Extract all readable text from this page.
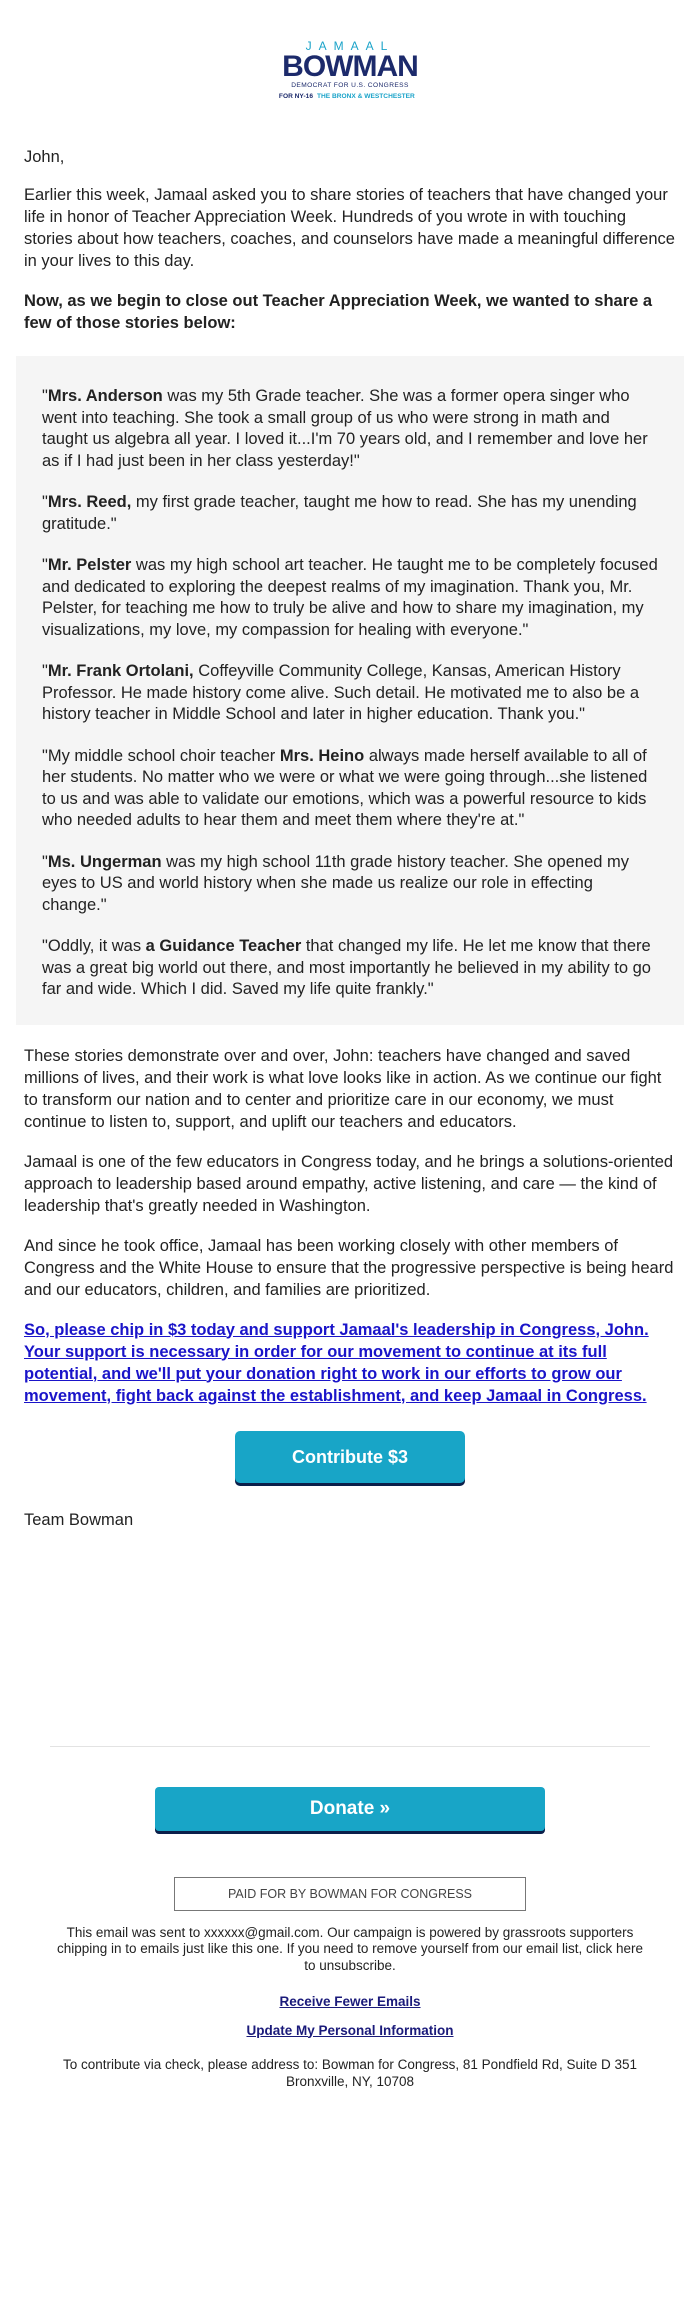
JAMAAL
BOWMAN
DEMOCRAT FOR U.S. CONGRESS
FOR NY-16 THE BRONX & WESTCHESTER

John,

Earlier this week, Jamaal asked you to share stories of teachers that have changed your life in honor of Teacher Appreciation Week. Hundreds of you wrote in with touching stories about how teachers, coaches, and counselors have made a meaningful difference in your lives to this day.

Now, as we begin to close out Teacher Appreciation Week, we wanted to share a few of those stories below:

"Mrs. Anderson was my 5th Grade teacher. She was a former opera singer who went into teaching. She took a small group of us who were strong in math and taught us algebra all year. I loved it...I'm 70 years old, and I remember and love her as if I had just been in her class yesterday!"

"Mrs. Reed, my first grade teacher, taught me how to read. She has my unending gratitude."

"Mr. Pelster was my high school art teacher. He taught me to be completely focused and dedicated to exploring the deepest realms of my imagination. Thank you, Mr. Pelster, for teaching me how to truly be alive and how to share my imagination, my visualizations, my love, my compassion for healing with everyone."

"Mr. Frank Ortolani, Coffeyville Community College, Kansas, American History Professor. He made history come alive. Such detail. He motivated me to also be a history teacher in Middle School and later in higher education. Thank you."

"My middle school choir teacher Mrs. Heino always made herself available to all of her students. No matter who we were or what we were going through...she listened to us and was able to validate our emotions, which was a powerful resource to kids who needed adults to hear them and meet them where they're at."

"Ms. Ungerman was my high school 11th grade history teacher. She opened my eyes to US and world history when she made us realize our role in effecting change."

"Oddly, it was a Guidance Teacher that changed my life. He let me know that there was a great big world out there, and most importantly he believed in my ability to go far and wide. Which I did. Saved my life quite frankly."

These stories demonstrate over and over, John: teachers have changed and saved millions of lives, and their work is what love looks like in action. As we continue our fight to transform our nation and to center and prioritize care in our economy, we must continue to listen to, support, and uplift our teachers and educators.

Jamaal is one of the few educators in Congress today, and he brings a solutions-oriented approach to leadership based around empathy, active listening, and care — the kind of leadership that's greatly needed in Washington.

And since he took office, Jamaal has been working closely with other members of Congress and the White House to ensure that the progressive perspective is being heard and our educators, children, and families are prioritized.

So, please chip in $3 today and support Jamaal's leadership in Congress, John. Your support is necessary in order for our movement to continue at its full potential, and we'll put your donation right to work in our efforts to grow our movement, fight back against the establishment, and keep Jamaal in Congress.
Contribute $3

Team Bowman

Donate »
PAID FOR BY BOWMAN FOR CONGRESS
This email was sent to xxxxxx@gmail.com. Our campaign is powered by grassroots supporters chipping in to emails just like this one. If you need to remove yourself from our email list, click here to unsubscribe.
Receive Fewer Emails
Update My Personal Information
To contribute via check, please address to: Bowman for Congress, 81 Pondfield Rd, Suite D 351 Bronxville, NY, 10708
